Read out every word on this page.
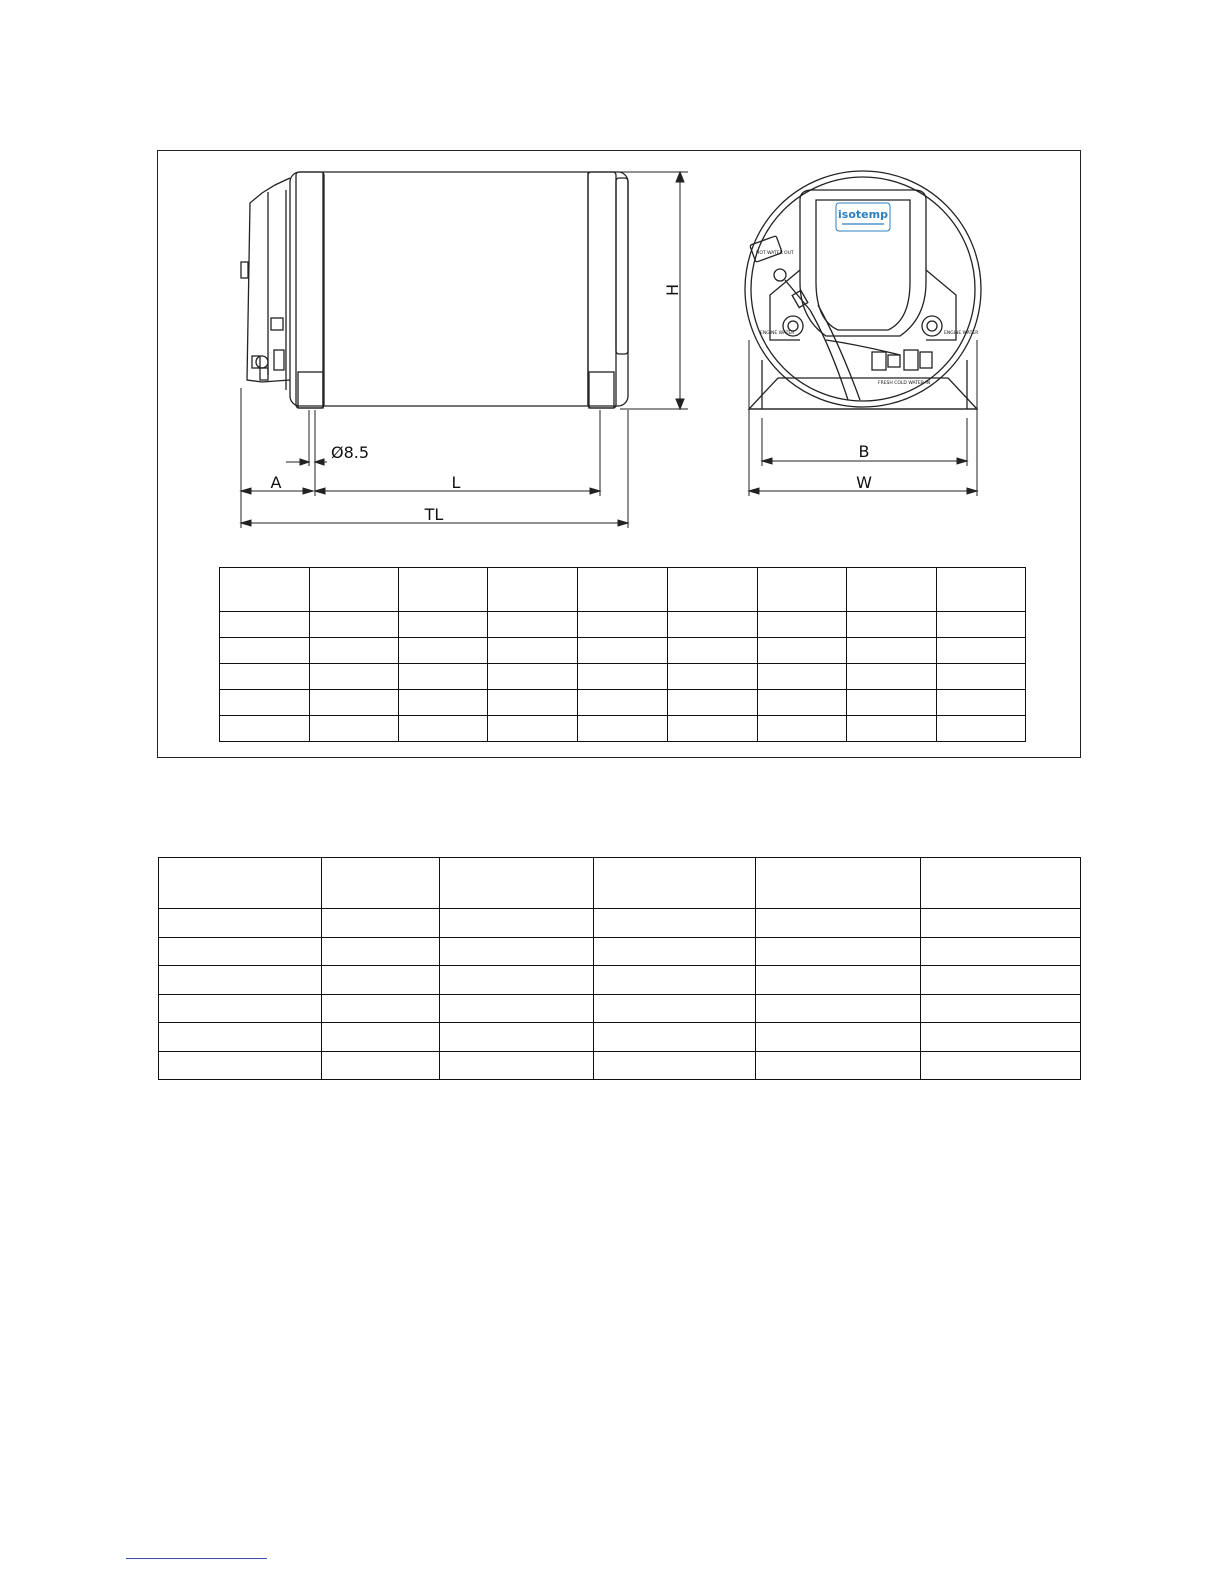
H
Ø8.5
A	L
TL
isotemp
HOT WATER OUT
ENGINE WATER	ENGINE WATER
FRESH COLD WATER IN
B
W
